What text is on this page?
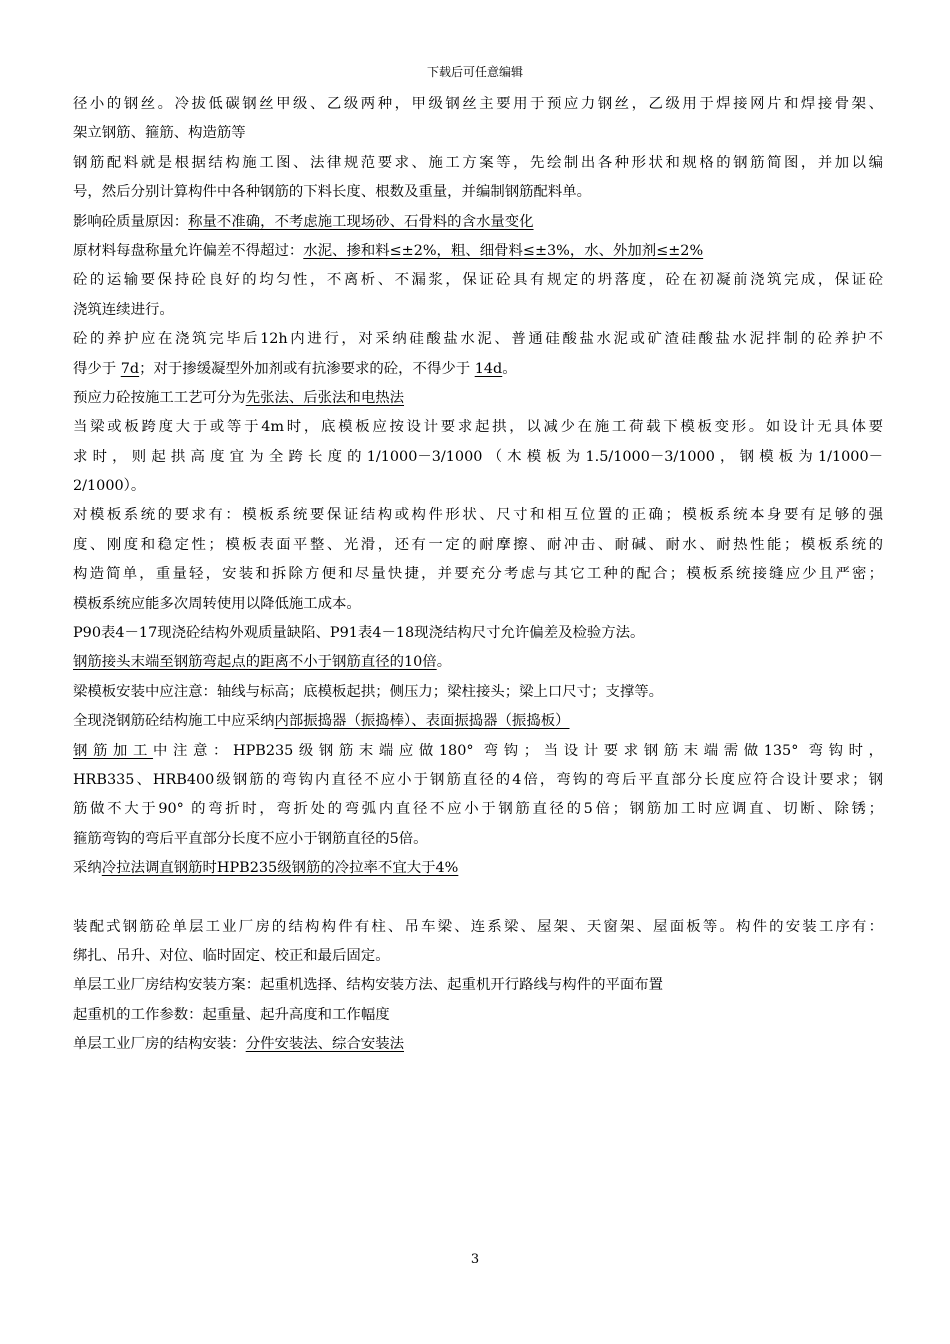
下载后可任意编辑
径小的钢丝。冷拔低碳钢丝甲级、乙级两种，甲级钢丝主要用于预应力钢丝，乙级用于焊接网片和焊接骨架、
架立钢筋、箍筋、构造筋等
钢筋配料就是根据结构施工图、法律规范要求、施工方案等，先绘制出各种形状和规格的钢筋简图，并加以编
号，然后分别计算构件中各种钢筋的下料长度、根数及重量，并编制钢筋配料单。
影响砼质量原因：称量不准确，不考虑施工现场砂、石骨料的含水量变化
原材料每盘称量允许偏差不得超过：水泥、掺和料≤±2%，粗、细骨料≤±3%，水、外加剂≤±2%
砼的运输要保持砼良好的均匀性，不离析、不漏浆，保证砼具有规定的坍落度，砼在初凝前浇筑完成，保证砼
浇筑连续进行。
砼的养护应在浇筑完毕后12h内进行，对采纳硅酸盐水泥、普通硅酸盐水泥或矿渣硅酸盐水泥拌制的砼养护不
得少于 7d；对于掺缓凝型外加剂或有抗渗要求的砼，不得少于 14d。
预应力砼按施工工艺可分为先张法、后张法和电热法
当梁或板跨度大于或等于4m时，底模板应按设计要求起拱，以减少在施工荷载下模板变形。如设计无具体要
求时，则起拱高度宜为全跨长度的1/1000－3/1000（木模板为1.5/1000－3/1000，钢模板为1/1000－
2/1000）。
对模板系统的要求有：模板系统要保证结构或构件形状、尺寸和相互位置的正确；模板系统本身要有足够的强
度、刚度和稳定性；模板表面平整、光滑，还有一定的耐摩擦、耐冲击、耐碱、耐水、耐热性能；模板系统的
构造简单，重量轻，安装和拆除方便和尽量快捷，并要充分考虑与其它工种的配合；模板系统接缝应少且严密；
模板系统应能多次周转使用以降低施工成本。
P90表4－17现浇砼结构外观质量缺陷、P91表4－18现浇结构尺寸允许偏差及检验方法。
钢筋接头末端至钢筋弯起点的距离不小于钢筋直径的10倍。
梁模板安装中应注意：轴线与标高；底模板起拱；侧压力；梁柱接头；梁上口尺寸；支撑等。
全现浇钢筋砼结构施工中应采纳内部振捣器（振捣棒）、表面振捣器（振捣板）
钢筋加工中注意：HPB235级钢筋末端应做180° 弯钩；当设计要求钢筋末端需做135° 弯钩时，
HRB335、HRB400级钢筋的弯钩内直径不应小于钢筋直径的4倍，弯钩的弯后平直部分长度应符合设计要求；钢
筋做不大于90° 的弯折时，弯折处的弯弧内直径不应小于钢筋直径的5倍；钢筋加工时应调直、切断、除锈；
箍筋弯钩的弯后平直部分长度不应小于钢筋直径的5倍。
采纳冷拉法调直钢筋时HPB235级钢筋的冷拉率不宜大于4%
装配式钢筋砼单层工业厂房的结构构件有柱、吊车梁、连系梁、屋架、天窗架、屋面板等。构件的安装工序有：
绑扎、吊升、对位、临时固定、校正和最后固定。
单层工业厂房结构安装方案：起重机选择、结构安装方法、起重机开行路线与构件的平面布置
起重机的工作参数：起重量、起升高度和工作幅度
单层工业厂房的结构安装：分件安装法、综合安装法
3
